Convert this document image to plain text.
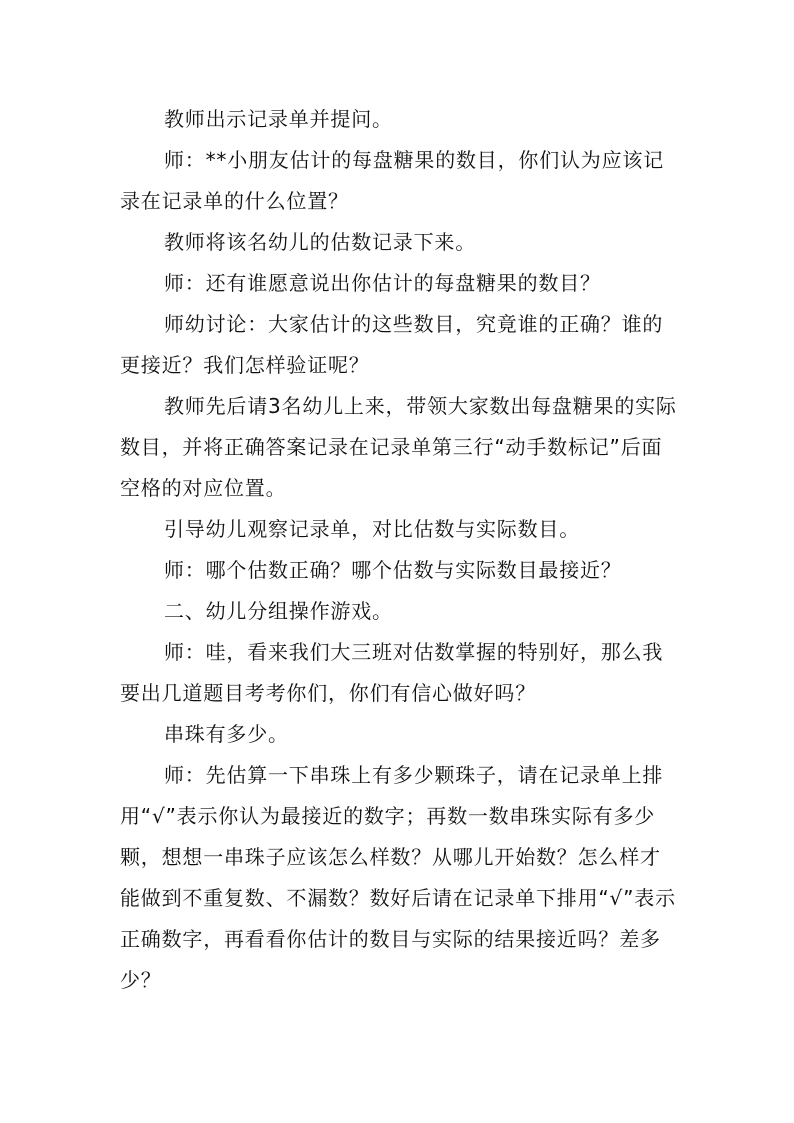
教师出示记录单并提问。

师：**小朋友估计的每盘糖果的数目，你们认为应该记录在记录单的什么位置？

教师将该名幼儿的估数记录下来。

师：还有谁愿意说出你估计的每盘糖果的数目？

师幼讨论：大家估计的这些数目，究竟谁的正确？谁的更接近？我们怎样验证呢？

教师先后请3名幼儿上来，带领大家数出每盘糖果的实际数目，并将正确答案记录在记录单第三行“动手数标记”后面空格的对应位置。

引导幼儿观察记录单，对比估数与实际数目。

师：哪个估数正确？哪个估数与实际数目最接近？

二、幼儿分组操作游戏。

师：哇，看来我们大三班对估数掌握的特别好，那么我要出几道题目考考你们，你们有信心做好吗？

串珠有多少。

师：先估算一下串珠上有多少颗珠子，请在记录单上排用“√”表示你认为最接近的数字；再数一数串珠实际有多少颗，想想一串珠子应该怎么样数？从哪儿开始数？怎么样才能做到不重复数、不漏数？数好后请在记录单下排用“√”表示正确数字，再看看你估计的数目与实际的结果接近吗？差多少？
